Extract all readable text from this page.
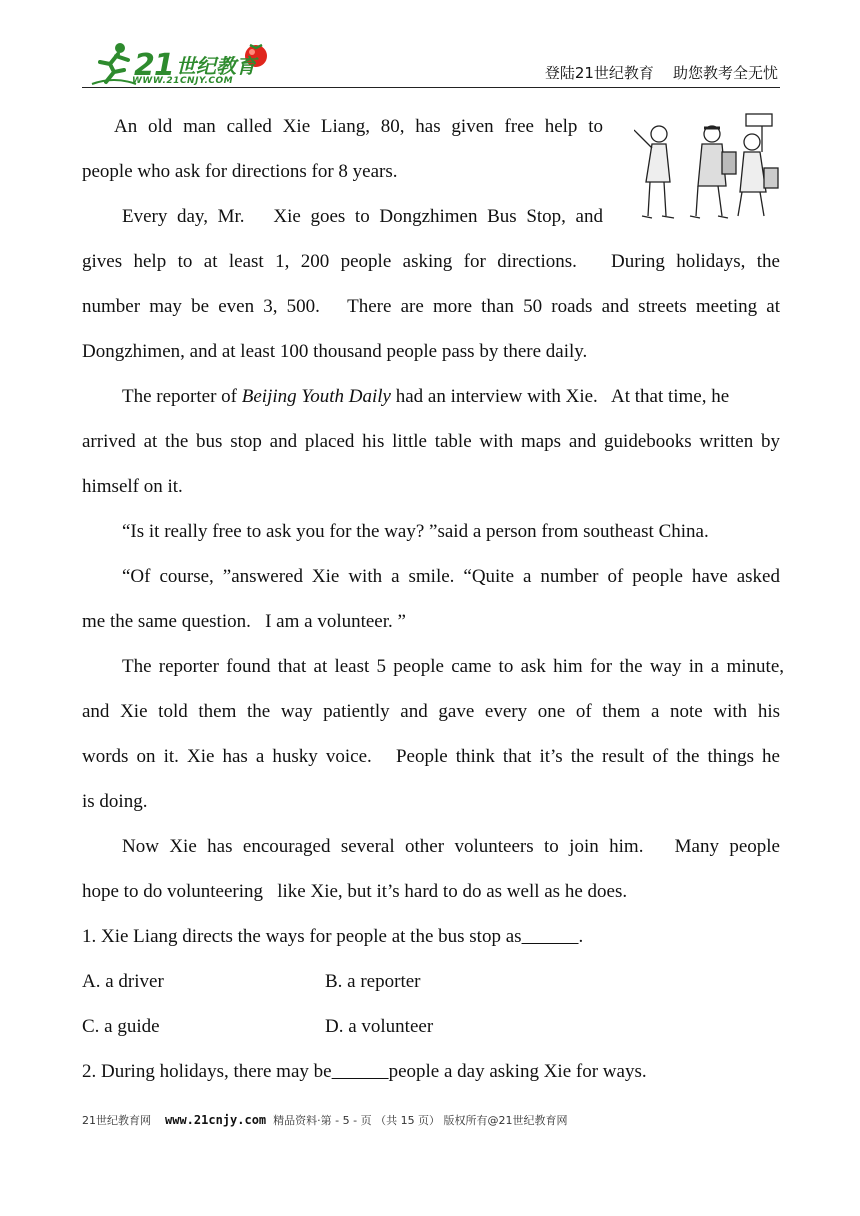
21 世纪教育
WWW.21CNJY.COM	登陆21世纪教育    助您教考全无忧
An old man called Xie Liang, 80, has given free help to
people who ask for directions for 8 years.
Every day, Mr.   Xie goes to Dongzhimen Bus Stop, and
gives help to at least 1, 200 people asking for directions.   During holidays, the
number may be even 3, 500.   There are more than 50 roads and streets meeting at
Dongzhimen, and at least 100 thousand people pass by there daily.
The reporter of Beijing Youth Daily had an interview with Xie.   At that time, he
arrived at the bus stop and placed his little table with maps and guidebooks written by
himself on it.
“Is it really free to ask you for the way? ”said a person from southeast China.
“Of course, ”answered Xie with a smile. “Quite a number of people have asked
me the same question.   I am a volunteer. ”
The reporter found that at least 5 people came to ask him for the way in a minute,
and Xie told them the way patiently and gave every one of them a note with his
words on it. Xie has a husky voice.   People think that it’s the result of the things he
is doing.
Now Xie has encouraged several other volunteers to join him.   Many people
hope to do volunteering   like Xie, but it’s hard to do as well as he does.
1. Xie Liang directs the ways for people at the bus stop as	.
A. a driver	B. a reporter
C. a guide	D. a volunteer
2. During holidays, there may be	people a day asking Xie for ways.
21世纪教育网 www.21cnjy.com 精品资料·第 - 5 - 页 （共 15 页） 版权所有@21世纪教育网
